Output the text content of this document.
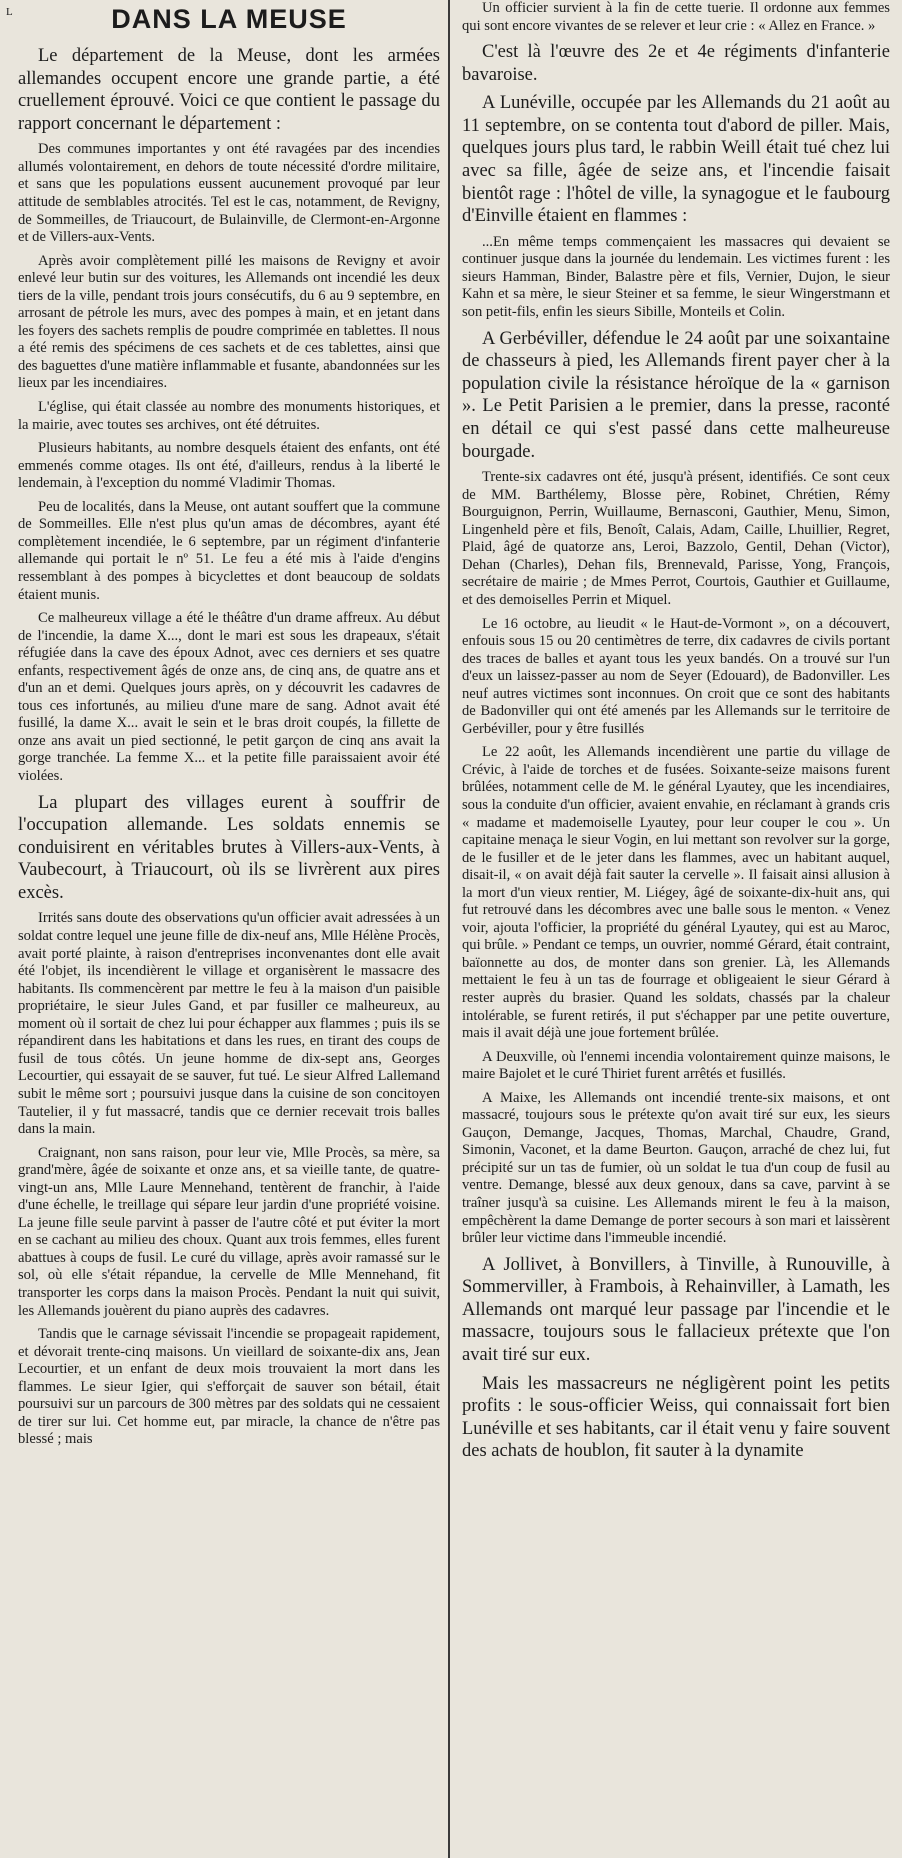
L	DANS LA MEUSE

Le département de la Meuse, dont les armées allemandes occupent encore une grande partie, a été cruellement éprouvé. Voici ce que contient le passage du rapport concernant le département :

Des communes importantes y ont été ravagées par des incendies allumés volontairement, en dehors de toute nécessité d'ordre militaire, et sans que les populations eussent aucunement provoqué par leur attitude de semblables atrocités. Tel est le cas, notamment, de Revigny, de Sommeilles, de Triaucourt, de Bulainville, de Clermont-en-Argonne et de Villers-aux-Vents.

Après avoir complètement pillé les maisons de Revigny et avoir enlevé leur butin sur des voitures, les Allemands ont incendié les deux tiers de la ville, pendant trois jours consécutifs, du 6 au 9 septembre, en arrosant de pétrole les murs, avec des pompes à main, et en jetant dans les foyers des sachets remplis de poudre comprimée en tablettes. Il nous a été remis des spécimens de ces sachets et de ces tablettes, ainsi que des baguettes d'une matière inflammable et fusante, abandonnées sur les lieux par les incendiaires.

L'église, qui était classée au nombre des monuments historiques, et la mairie, avec toutes ses archives, ont été détruites.

Plusieurs habitants, au nombre desquels étaient des enfants, ont été emmenés comme otages. Ils ont été, d'ailleurs, rendus à la liberté le lendemain, à l'exception du nommé Vladimir Thomas.

Peu de localités, dans la Meuse, ont autant souffert que la commune de Sommeilles. Elle n'est plus qu'un amas de décombres, ayant été complètement incendiée, le 6 septembre, par un régiment d'infanterie allemande qui portait le nº 51. Le feu a été mis à l'aide d'engins ressemblant à des pompes à bicyclettes et dont beaucoup de soldats étaient munis.

Ce malheureux village a été le théâtre d'un drame affreux. Au début de l'incendie, la dame X..., dont le mari est sous les drapeaux, s'était réfugiée dans la cave des époux Adnot, avec ces derniers et ses quatre enfants, respectivement âgés de onze ans, de cinq ans, de quatre ans et d'un an et demi. Quelques jours après, on y découvrit les cadavres de tous ces infortunés, au milieu d'une mare de sang. Adnot avait été fusillé, la dame X... avait le sein et le bras droit coupés, la fillette de onze ans avait un pied sectionné, le petit garçon de cinq ans avait la gorge tranchée. La femme X... et la petite fille paraissaient avoir été violées.

La plupart des villages eurent à souffrir de l'occupation allemande. Les soldats ennemis se conduisirent en véritables brutes à Villers-aux-Vents, à Vaubecourt, à Triaucourt, où ils se livrèrent aux pires excès.

Irrités sans doute des observations qu'un officier avait adressées à un soldat contre lequel une jeune fille de dix-neuf ans, Mlle Hélène Procès, avait porté plainte, à raison d'entreprises inconvenantes dont elle avait été l'objet, ils incendièrent le village et organisèrent le massacre des habitants. Ils commencèrent par mettre le feu à la maison d'un paisible propriétaire, le sieur Jules Gand, et par fusiller ce malheureux, au moment où il sortait de chez lui pour échapper aux flammes ; puis ils se répandirent dans les habitations et dans les rues, en tirant des coups de fusil de tous côtés. Un jeune homme de dix-sept ans, Georges Lecourtier, qui essayait de se sauver, fut tué. Le sieur Alfred Lallemand subit le même sort ; poursuivi jusque dans la cuisine de son concitoyen Tautelier, il y fut massacré, tandis que ce dernier recevait trois balles dans la main.

Craignant, non sans raison, pour leur vie, Mlle Procès, sa mère, sa grand'mère, âgée de soixante et onze ans, et sa vieille tante, de quatre-vingt-un ans, Mlle Laure Mennehand, tentèrent de franchir, à l'aide d'une échelle, le treillage qui sépare leur jardin d'une propriété voisine. La jeune fille seule parvint à passer de l'autre côté et put éviter la mort en se cachant au milieu des choux. Quant aux trois femmes, elles furent abattues à coups de fusil. Le curé du village, après avoir ramassé sur le sol, où elle s'était répandue, la cervelle de Mlle Mennehand, fit transporter les corps dans la maison Procès. Pendant la nuit qui suivit, les Allemands jouèrent du piano auprès des cadavres.

Tandis que le carnage sévissait l'incendie se propageait rapidement, et dévorait trente-cinq maisons. Un vieillard de soixante-dix ans, Jean Lecourtier, et un enfant de deux mois trouvaient la mort dans les flammes. Le sieur Igier, qui s'efforçait de sauver son bétail, était poursuivi sur un parcours de 300 mètres par des soldats qui ne cessaient de tirer sur lui. Cet homme eut, par miracle, la chance de n'être pas blessé ; mais

Un officier survient à la fin de cette tuerie. Il ordonne aux femmes qui sont encore vivantes de se relever et leur crie : « Allez en France. »

C'est là l'œuvre des 2e et 4e régiments d'infanterie bavaroise.

A Lunéville, occupée par les Allemands du 21 août au 11 septembre, on se contenta tout d'abord de piller. Mais, quelques jours plus tard, le rabbin Weill était tué chez lui avec sa fille, âgée de seize ans, et l'incendie faisait bientôt rage : l'hôtel de ville, la synagogue et le faubourg d'Einville étaient en flammes :

...En même temps commençaient les massacres qui devaient se continuer jusque dans la journée du lendemain. Les victimes furent : les sieurs Hamman, Binder, Balastre père et fils, Vernier, Dujon, le sieur Kahn et sa mère, le sieur Steiner et sa femme, le sieur Wingerstmann et son petit-fils, enfin les sieurs Sibille, Monteils et Colin.

A Gerbéviller, défendue le 24 août par une soixantaine de chasseurs à pied, les Allemands firent payer cher à la population civile la résistance héroïque de la « garnison ». Le Petit Parisien a le premier, dans la presse, raconté en détail ce qui s'est passé dans cette malheureuse bourgade.

Trente-six cadavres ont été, jusqu'à présent, identifiés. Ce sont ceux de MM. Barthélemy, Blosse père, Robinet, Chrétien, Rémy Bourguignon, Perrin, Wuillaume, Bernasconi, Gauthier, Menu, Simon, Lingenheld père et fils, Benoît, Calais, Adam, Caille, Lhuillier, Regret, Plaid, âgé de quatorze ans, Leroi, Bazzolo, Gentil, Dehan (Victor), Dehan (Charles), Dehan fils, Brennevald, Parisse, Yong, François, secrétaire de mairie ; de Mmes Perrot, Courtois, Gauthier et Guillaume, et des demoiselles Perrin et Miquel.

Le 16 octobre, au lieudit « le Haut-de-Vormont », on a découvert, enfouis sous 15 ou 20 centimètres de terre, dix cadavres de civils portant des traces de balles et ayant tous les yeux bandés. On a trouvé sur l'un d'eux un laissez-passer au nom de Seyer (Edouard), de Badonviller. Les neuf autres victimes sont inconnues. On croit que ce sont des habitants de Badonviller qui ont été amenés par les Allemands sur le territoire de Gerbéviller, pour y être fusillés

Le 22 août, les Allemands incendièrent une partie du village de Crévic, à l'aide de torches et de fusées. Soixante-seize maisons furent brûlées, notamment celle de M. le général Lyautey, que les incendiaires, sous la conduite d'un officier, avaient envahie, en réclamant à grands cris « madame et mademoiselle Lyautey, pour leur couper le cou ». Un capitaine menaça le sieur Vogin, en lui mettant son revolver sur la gorge, de le fusiller et de le jeter dans les flammes, avec un habitant auquel, disait-il, « on avait déjà fait sauter la cervelle ». Il faisait ainsi allusion à la mort d'un vieux rentier, M. Liégey, âgé de soixante-dix-huit ans, qui fut retrouvé dans les décombres avec une balle sous le menton. « Venez voir, ajouta l'officier, la propriété du général Lyautey, qui est au Maroc, qui brûle. » Pendant ce temps, un ouvrier, nommé Gérard, était contraint, baïonnette au dos, de monter dans son grenier. Là, les Allemands mettaient le feu à un tas de fourrage et obligeaient le sieur Gérard à rester auprès du brasier. Quand les soldats, chassés par la chaleur intolérable, se furent retirés, il put s'échapper par une petite ouverture, mais il avait déjà une joue fortement brûlée.

A Deuxville, où l'ennemi incendia volontairement quinze maisons, le maire Bajolet et le curé Thiriet furent arrêtés et fusillés.

A Maixe, les Allemands ont incendié trente-six maisons, et ont massacré, toujours sous le prétexte qu'on avait tiré sur eux, les sieurs Gauçon, Demange, Jacques, Thomas, Marchal, Chaudre, Grand, Simonin, Vaconet, et la dame Beurton. Gauçon, arraché de chez lui, fut précipité sur un tas de fumier, où un soldat le tua d'un coup de fusil au ventre. Demange, blessé aux deux genoux, dans sa cave, parvint à se traîner jusqu'à sa cuisine. Les Allemands mirent le feu à la maison, empêchèrent la dame Demange de porter secours à son mari et laissèrent brûler leur victime dans l'immeuble incendié.

A Jollivet, à Bonvillers, à Tinville, à Runouville, à Sommerviller, à Frambois, à Rehainviller, à Lamath, les Allemands ont marqué leur passage par l'incendie et le massacre, toujours sous le fallacieux prétexte que l'on avait tiré sur eux.

Mais les massacreurs ne négligèrent point les petits profits : le sous-officier Weiss, qui connaissait fort bien Lunéville et ses habitants, car il était venu y faire souvent des achats de houblon, fit sauter à la dynamite
